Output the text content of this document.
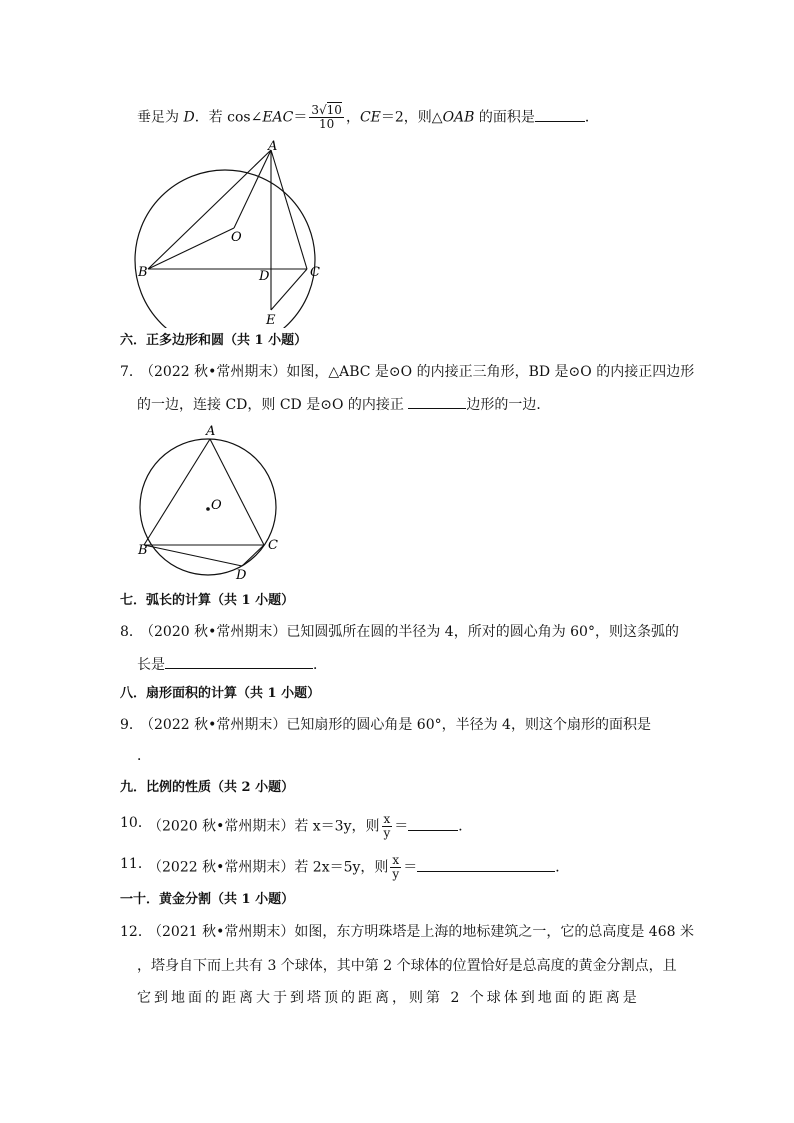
垂足为 D．若 cos∠EAC＝ $\frac{3√10}{10}$ ，CE＝2，则△OAB 的面积是	．
A
O
B	D	C
E
六．正多边形和圆（共 1 小题）
7．
（2022 秋•常州期末）如图，△ABC 是⊙O 的内接正三角形，BD 是⊙O 的内接正四边形
的一边，连接 CD，则 CD 是⊙O 的内接正	边形的一边．
A
O
B	C
D
七．弧长的计算（共 1 小题）
8．
（2020 秋•常州期末）已知圆弧所在圆的半径为 4，所对的圆心角为 60°，则这条弧的
长是	．
八．扇形面积的计算（共 1 小题）
9．
（2022 秋•常州期末）已知扇形的圆心角是 60°，半径为 4，则这个扇形的面积是
．
九．比例的性质（共 2 小题）
10．
（2020 秋•常州期末）若 x＝3y，则 $\frac{x}{y}$ ＝	．
11．
（2022 秋•常州期末）若 2x＝5y，则 $\frac{x}{y}$ ＝	．
一十．黄金分割（共 1 小题）
12．
（2021 秋•常州期末）如图，东方明珠塔是上海的地标建筑之一，它的总高度是 468 米
，塔身自下而上共有 3 个球体，其中第 2 个球体的位置恰好是总高度的黄金分割点，且
它到地面的距离大于到塔顶的距离，则第 2 个球体到地面的距离是
